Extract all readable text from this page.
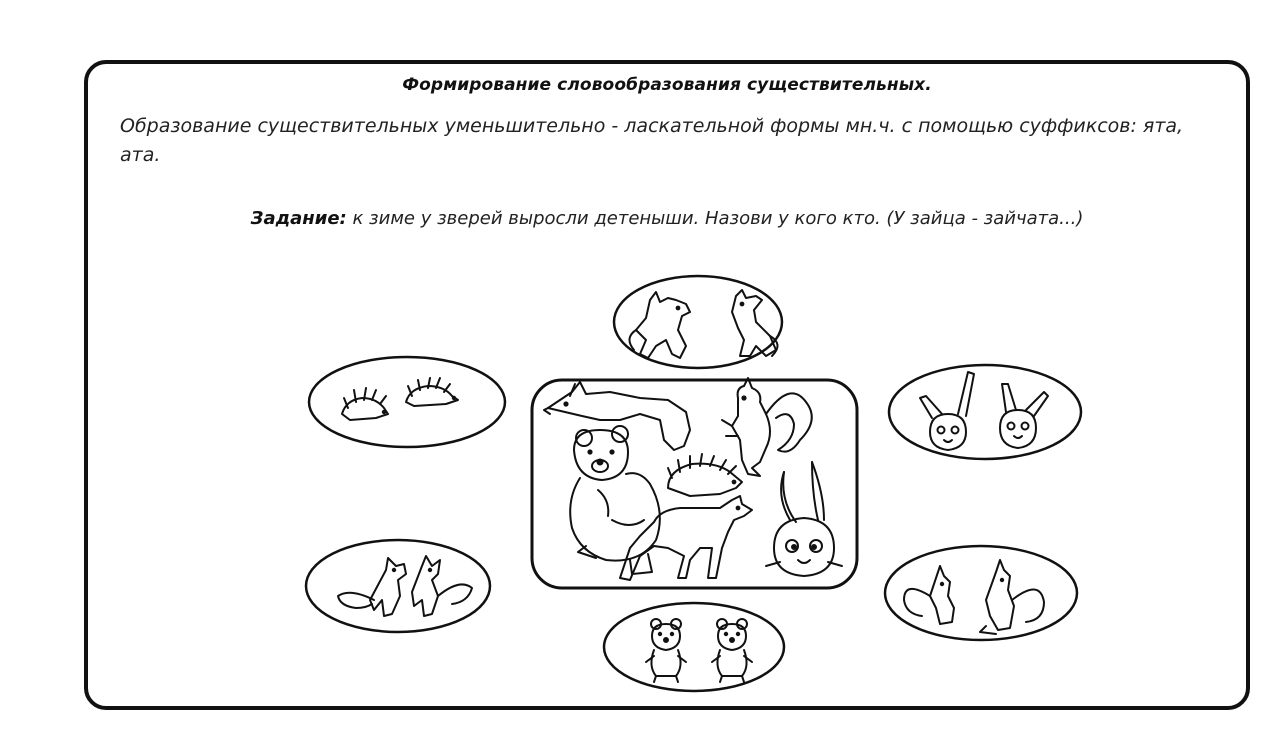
Формирование словообразования существительных.
Образование существительных уменьшительно - ласкательной формы мн.ч. с помощью суффиксов: ята, ата.
Задание: к зиме у зверей выросли детеныши. Назови у кого кто. (У зайца - зайчата...)
